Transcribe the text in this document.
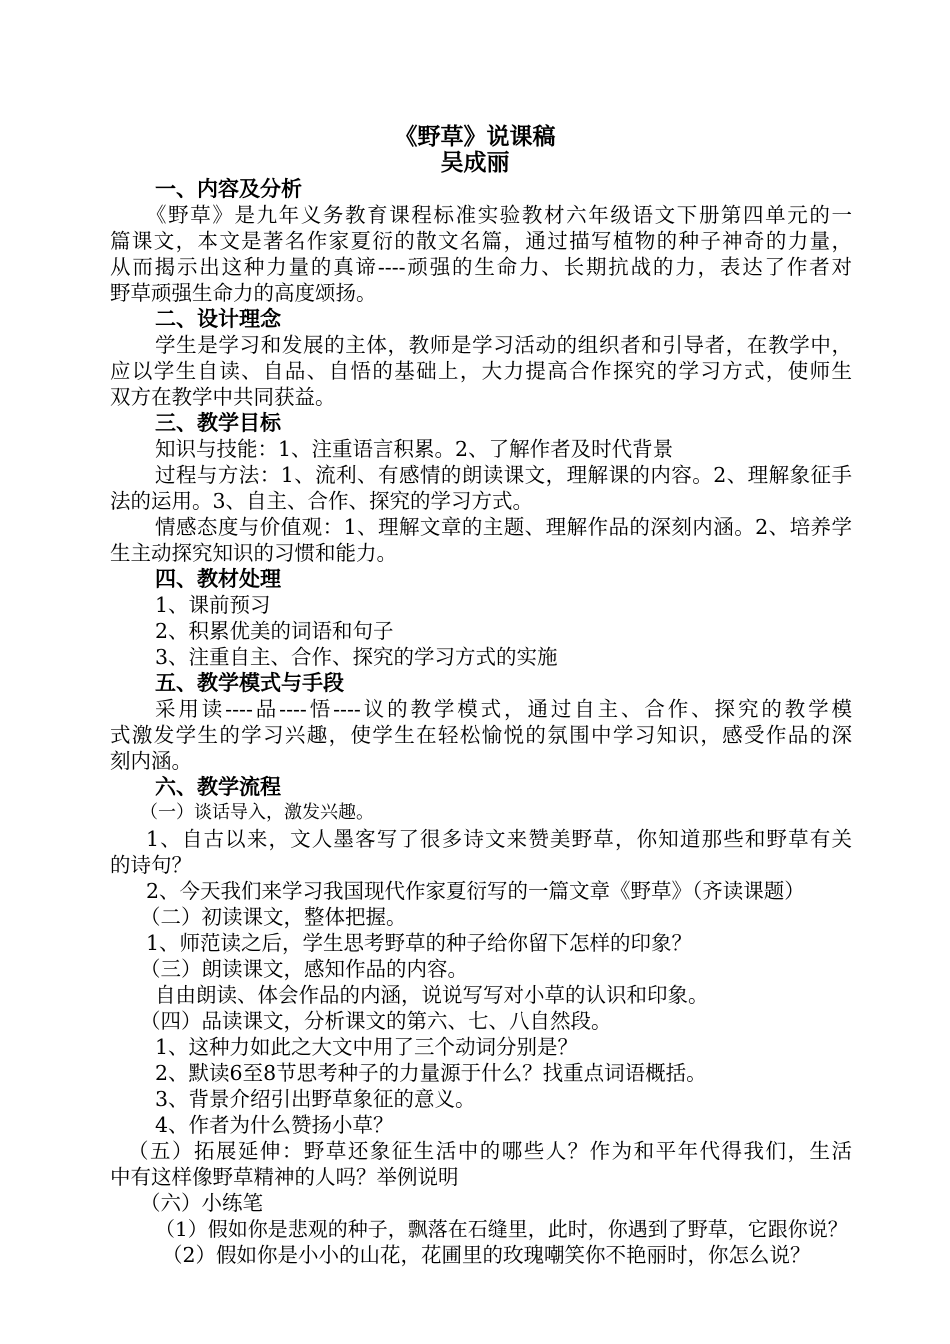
《野草》说课稿
吴成丽
一、内容及分析
《野草》是九年义务教育课程标准实验教材六年级语文下册第四单元的一
篇课文，本文是著名作家夏衍的散文名篇，通过描写植物的种子神奇的力量，
从而揭示出这种力量的真谛----顽强的生命力、长期抗战的力，表达了作者对
野草顽强生命力的高度颂扬。
二、设计理念
学生是学习和发展的主体，教师是学习活动的组织者和引导者，在教学中，
应以学生自读、自品、自悟的基础上，大力提高合作探究的学习方式，使师生
双方在教学中共同获益。
三、教学目标
知识与技能：1、注重语言积累。2、了解作者及时代背景
过程与方法：1、流利、有感情的朗读课文，理解课的内容。2、理解象征手
法的运用。3、自主、合作、探究的学习方式。
情感态度与价值观：1、理解文章的主题、理解作品的深刻内涵。2、培养学
生主动探究知识的习惯和能力。
四、教材处理
1、课前预习
2、积累优美的词语和句子
3、注重自主、合作、探究的学习方式的实施
五、教学模式与手段
采用读----品----悟----议的教学模式，通过自主、合作、探究的教学模
式激发学生的学习兴趣，使学生在轻松愉悦的氛围中学习知识，感受作品的深
刻内涵。
六、教学流程
（一）谈话导入，激发兴趣。
1、自古以来，文人墨客写了很多诗文来赞美野草，你知道那些和野草有关
的诗句？
2、今天我们来学习我国现代作家夏衍写的一篇文章《野草》（齐读课题）
（二）初读课文，整体把握。
1、师范读之后，学生思考野草的种子给你留下怎样的印象？
（三）朗读课文，感知作品的内容。
自由朗读、体会作品的内涵，说说写写对小草的认识和印象。
（四）品读课文，分析课文的第六、七、八自然段。
1、这种力如此之大文中用了三个动词分别是？
2、默读6至8节思考种子的力量源于什么？找重点词语概括。
3、背景介绍引出野草象征的意义。
4、作者为什么赞扬小草？
（五）拓展延伸：野草还象征生活中的哪些人？作为和平年代得我们，生活
中有这样像野草精神的人吗？举例说明
（六）小练笔
（1）假如你是悲观的种子，飘落在石缝里，此时，你遇到了野草，它跟你说？
（2）假如你是小小的山花，花圃里的玫瑰嘲笑你不艳丽时，你怎么说？
